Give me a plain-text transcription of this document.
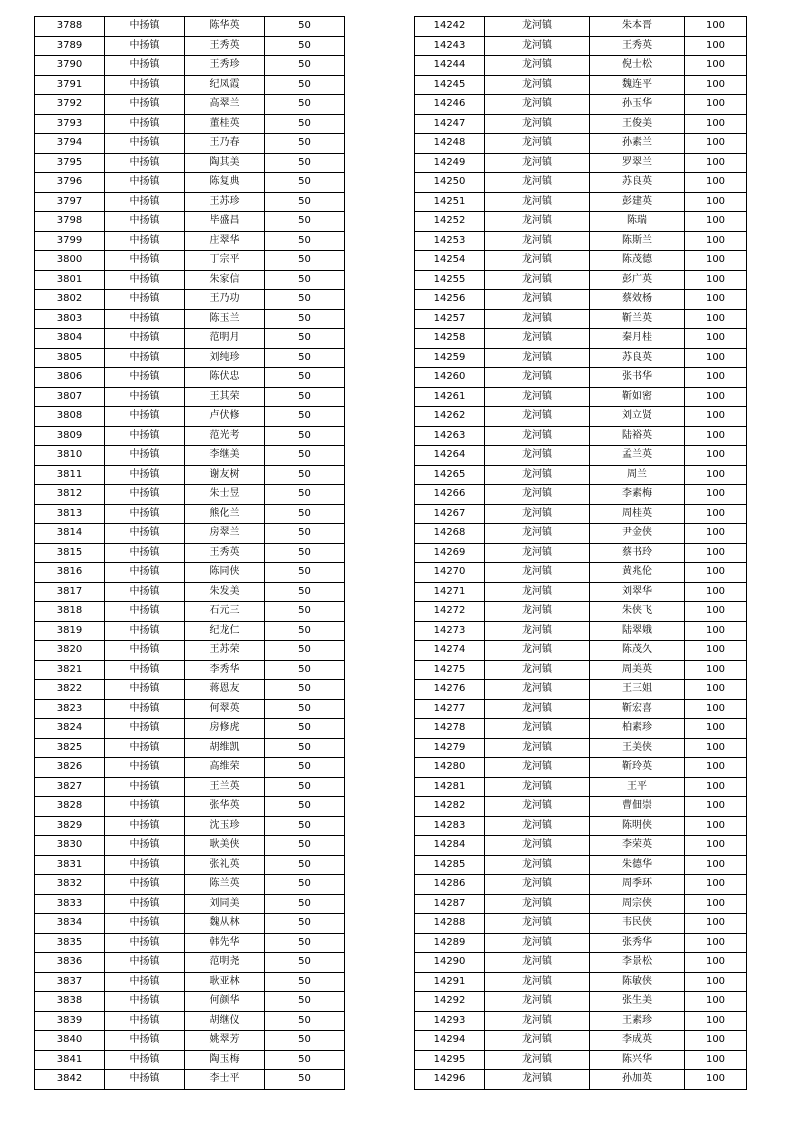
3788	中扬镇	陈华英	50
3789	中扬镇	王秀英	50
3790	中扬镇	王秀珍	50
3791	中扬镇	纪凤霞	50
3792	中扬镇	高翠兰	50
3793	中扬镇	董桂英	50
3794	中扬镇	王乃春	50
3795	中扬镇	陶其美	50
3796	中扬镇	陈复典	50
3797	中扬镇	王苏珍	50
3798	中扬镇	毕盛昌	50
3799	中扬镇	庄翠华	50
3800	中扬镇	丁宗平	50
3801	中扬镇	朱家信	50
3802	中扬镇	王乃功	50
3803	中扬镇	陈玉兰	50
3804	中扬镇	范明月	50
3805	中扬镇	刘纯珍	50
3806	中扬镇	陈伏忠	50
3807	中扬镇	王其荣	50
3808	中扬镇	卢伏修	50
3809	中扬镇	范光考	50
3810	中扬镇	李继美	50
3811	中扬镇	谢友树	50
3812	中扬镇	朱士昱	50
3813	中扬镇	熊化兰	50
3814	中扬镇	房翠兰	50
3815	中扬镇	王秀英	50
3816	中扬镇	陈同侠	50
3817	中扬镇	朱发美	50
3818	中扬镇	石元三	50
3819	中扬镇	纪龙仁	50
3820	中扬镇	王苏荣	50
3821	中扬镇	李秀华	50
3822	中扬镇	蒋恩友	50
3823	中扬镇	何翠英	50
3824	中扬镇	房修虎	50
3825	中扬镇	胡维凯	50
3826	中扬镇	高维荣	50
3827	中扬镇	王兰英	50
3828	中扬镇	张华英	50
3829	中扬镇	沈玉珍	50
3830	中扬镇	耿美侠	50
3831	中扬镇	张礼英	50
3832	中扬镇	陈兰英	50
3833	中扬镇	刘同美	50
3834	中扬镇	魏从林	50
3835	中扬镇	韩先华	50
3836	中扬镇	范明尧	50
3837	中扬镇	耿亚林	50
3838	中扬镇	何颜华	50
3839	中扬镇	胡继仪	50
3840	中扬镇	姚翠芳	50
3841	中扬镇	陶玉梅	50
3842	中扬镇	李士平	50
14242	龙河镇	朱本晋	100
14243	龙河镇	王秀英	100
14244	龙河镇	倪士松	100
14245	龙河镇	魏连平	100
14246	龙河镇	孙玉华	100
14247	龙河镇	王俊美	100
14248	龙河镇	孙素兰	100
14249	龙河镇	罗翠兰	100
14250	龙河镇	苏良英	100
14251	龙河镇	彭建英	100
14252	龙河镇	陈瑞	100
14253	龙河镇	陈斯兰	100
14254	龙河镇	陈茂德	100
14255	龙河镇	彭广英	100
14256	龙河镇	蔡效杨	100
14257	龙河镇	靳兰英	100
14258	龙河镇	秦月桂	100
14259	龙河镇	苏良英	100
14260	龙河镇	张书华	100
14261	龙河镇	靳如密	100
14262	龙河镇	刘立贤	100
14263	龙河镇	陆裕英	100
14264	龙河镇	孟兰英	100
14265	龙河镇	周兰	100
14266	龙河镇	李素梅	100
14267	龙河镇	周桂英	100
14268	龙河镇	尹金侠	100
14269	龙河镇	蔡书玲	100
14270	龙河镇	黄兆伦	100
14271	龙河镇	刘翠华	100
14272	龙河镇	朱侠飞	100
14273	龙河镇	陆翠娥	100
14274	龙河镇	陈茂久	100
14275	龙河镇	周美英	100
14276	龙河镇	王三姐	100
14277	龙河镇	靳宏喜	100
14278	龙河镇	柏素珍	100
14279	龙河镇	王美侠	100
14280	龙河镇	靳玲英	100
14281	龙河镇	王平	100
14282	龙河镇	曹佃崇	100
14283	龙河镇	陈明侠	100
14284	龙河镇	李荣英	100
14285	龙河镇	朱德华	100
14286	龙河镇	周季环	100
14287	龙河镇	周宗侠	100
14288	龙河镇	韦民侠	100
14289	龙河镇	张秀华	100
14290	龙河镇	李景松	100
14291	龙河镇	陈敏侠	100
14292	龙河镇	张生美	100
14293	龙河镇	王素珍	100
14294	龙河镇	李成英	100
14295	龙河镇	陈兴华	100
14296	龙河镇	孙加英	100
